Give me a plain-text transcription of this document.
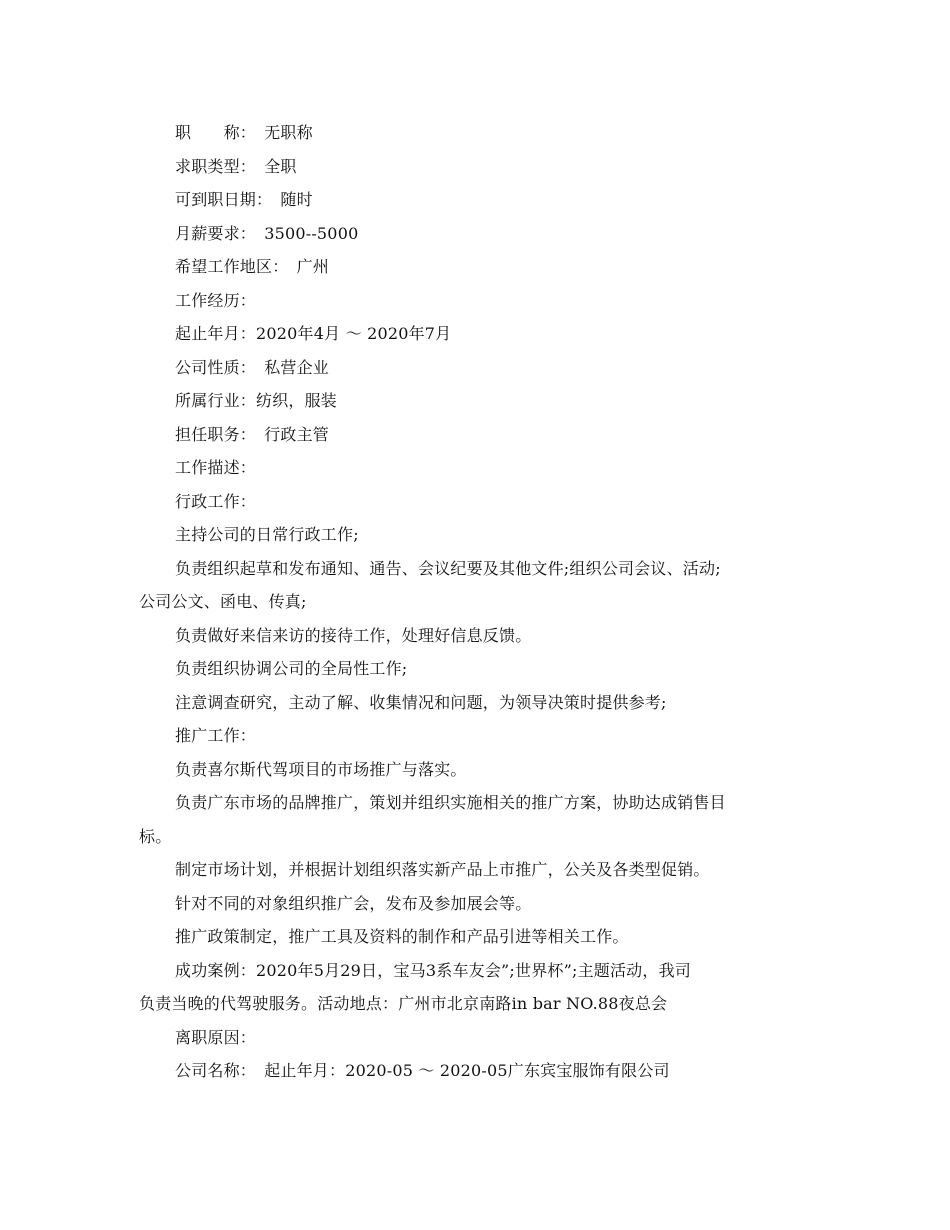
职　　称：　无职称
求职类型：　全职
可到职日期：　随时
月薪要求：　3500--5000
希望工作地区：　广州
工作经历：
起止年月：2020年4月 ～ 2020年7月
公司性质：　私营企业
所属行业：纺织，服装
担任职务：　行政主管
工作描述：
行政工作：
主持公司的日常行政工作;
负责组织起草和发布通知、通告、会议纪要及其他文件;组织公司会议、活动;
公司公文、函电、传真;
负责做好来信来访的接待工作，处理好信息反馈。
负责组织协调公司的全局性工作;
注意调查研究，主动了解、收集情况和问题，为领导决策时提供参考;
推广工作：
负责喜尔斯代驾项目的市场推广与落实。
负责广东市场的品牌推广，策划并组织实施相关的推广方案，协助达成销售目
标。
制定市场计划，并根据计划组织落实新产品上市推广，公关及各类型促销。
针对不同的对象组织推广会，发布及参加展会等。
推广政策制定，推广工具及资料的制作和产品引进等相关工作。
成功案例：2020年5月29日，宝马3系车友会”;世界杯”;主题活动，我司
负责当晚的代驾驶服务。活动地点：广州市北京南路in bar NO.88夜总会
离职原因：
公司名称：　起止年月：2020-05 ～ 2020-05广东宾宝服饰有限公司
